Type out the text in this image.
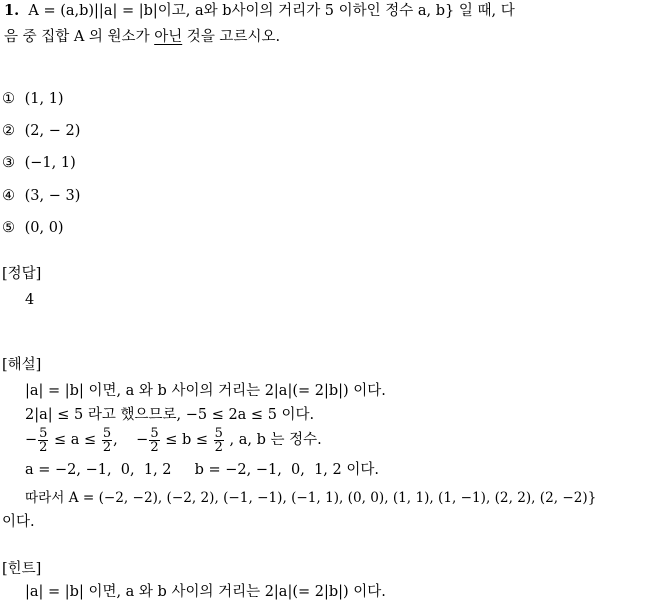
1. A = (a,b)||a| = |b|이고, a와 b사이의 거리가 5 이하인 정수 a, b} 일 때, 다
음 중 집합 A 의 원소가 아닌 것을 고르시오.
① (1, 1)
② (2, − 2)
③ (−1, 1)
④ (3, − 3)
⑤ (0, 0)
[정답]
4
[해설]
|a| = |b| 이면, a 와 b 사이의 거리는 2|a|(= 2|b|) 이다.
2|a| ≤ 5 라고 했으므로, −5 ≤ 2a ≤ 5 이다.
− $\frac{5}{2} \le a \le \frac{5}{2}$ ,    − $\frac{5}{2} \le b \le \frac{5}{2}$ , a, b 는 정수.
a = −2, −1,  0,  1, 2     b = −2, −1,  0,  1, 2 이다.
따라서 A = (−2, −2), (−2, 2), (−1, −1), (−1, 1), (0, 0), (1, 1), (1, −1), (2, 2), (2, −2)}
이다.
[힌트]
|a| = |b| 이면, a 와 b 사이의 거리는 2|a|(= 2|b|) 이다.
